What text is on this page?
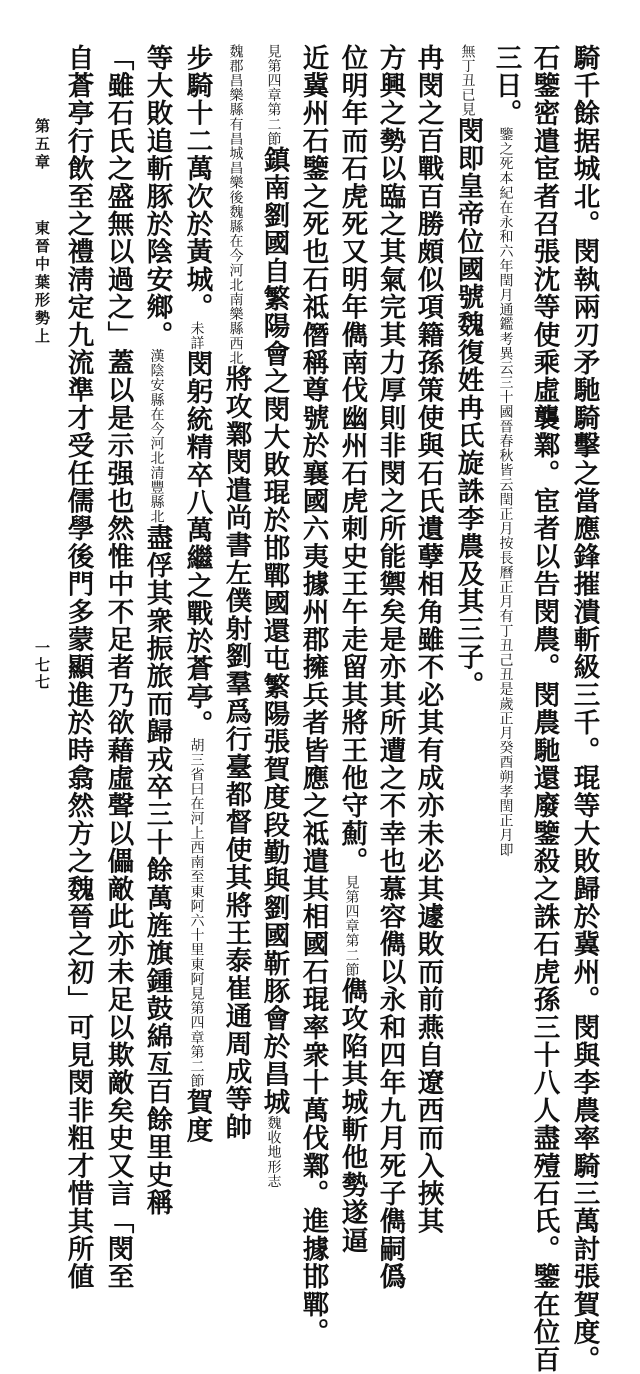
騎千餘据城北。閔執兩刃矛馳騎擊之當應鋒摧潰斬級三千。琨等大敗歸於冀州。閔與李農率騎三萬討張賀度。
石鑒密遣宦者召張沈等使乘虛襲鄴。宦者以告閔農。閔農馳還廢鑒殺之誅石虎孫三十八人盡殪石氏。鑒在位百
三日。鑒之死本紀在永和六年閏月通鑑考異云三十國晉春秋皆云閏正月按長曆正月有丁丑己丑是歲正月癸酉朔孝閏正月即
無丁丑已見閔即皇帝位國號魏復姓冉氏旋誅李農及其三子。
冉閔之百戰百勝頗似項籍孫策使與石氏遺孽相角雖不必其有成亦未必其遽敗而前燕自遼西而入挾其
方興之勢以臨之其氣完其力厚則非閔之所能禦矣是亦其所遭之不幸也慕容儁以永和四年九月死子儁嗣僞
位明年而石虎死又明年儁南伐幽州石虎刺史王午走留其將王他守薊。見第四章第二節儁攻陷其城斬他勢遂逼
近冀州石鑒之死也石祗僭稱尊號於襄國六夷據州郡擁兵者皆應之祗遣其相國石琨率衆十萬伐鄴。進據邯鄲。
見第四章第二節鎮南劉國自繁陽會之閔大敗琨於邯鄲國還屯繁陽張賀度段勤與劉國靳豚會於昌城魏收地形志
魏郡昌樂縣有昌城昌樂後魏縣在今河北南樂縣西北將攻鄴閔遣尚書左僕射劉羣爲行臺都督使其將王泰崔通周成等帥
步騎十二萬次於黃城。未詳閔躬統精卒八萬繼之戰於蒼亭。胡三省曰在河上西南至東阿六十里東阿見第四章第二節賀度
等大敗追斬豚於陰安鄉。漢陰安縣在今河北清豐縣北盡俘其衆振旅而歸戎卒三十餘萬旌旗鍾鼓綿亙百餘里史稱
「雖石氏之盛無以過之」蓋以是示强也然惟中不足者乃欲藉虛聲以儡敵此亦未足以欺敵矣史又言「閔至
自蒼亭行飲至之禮淸定九流準才受任儒學後門多蒙顯進於時翕然方之魏晉之初」可見閔非粗才惜其所値
第五章
東晉中葉形勢上
一七七
